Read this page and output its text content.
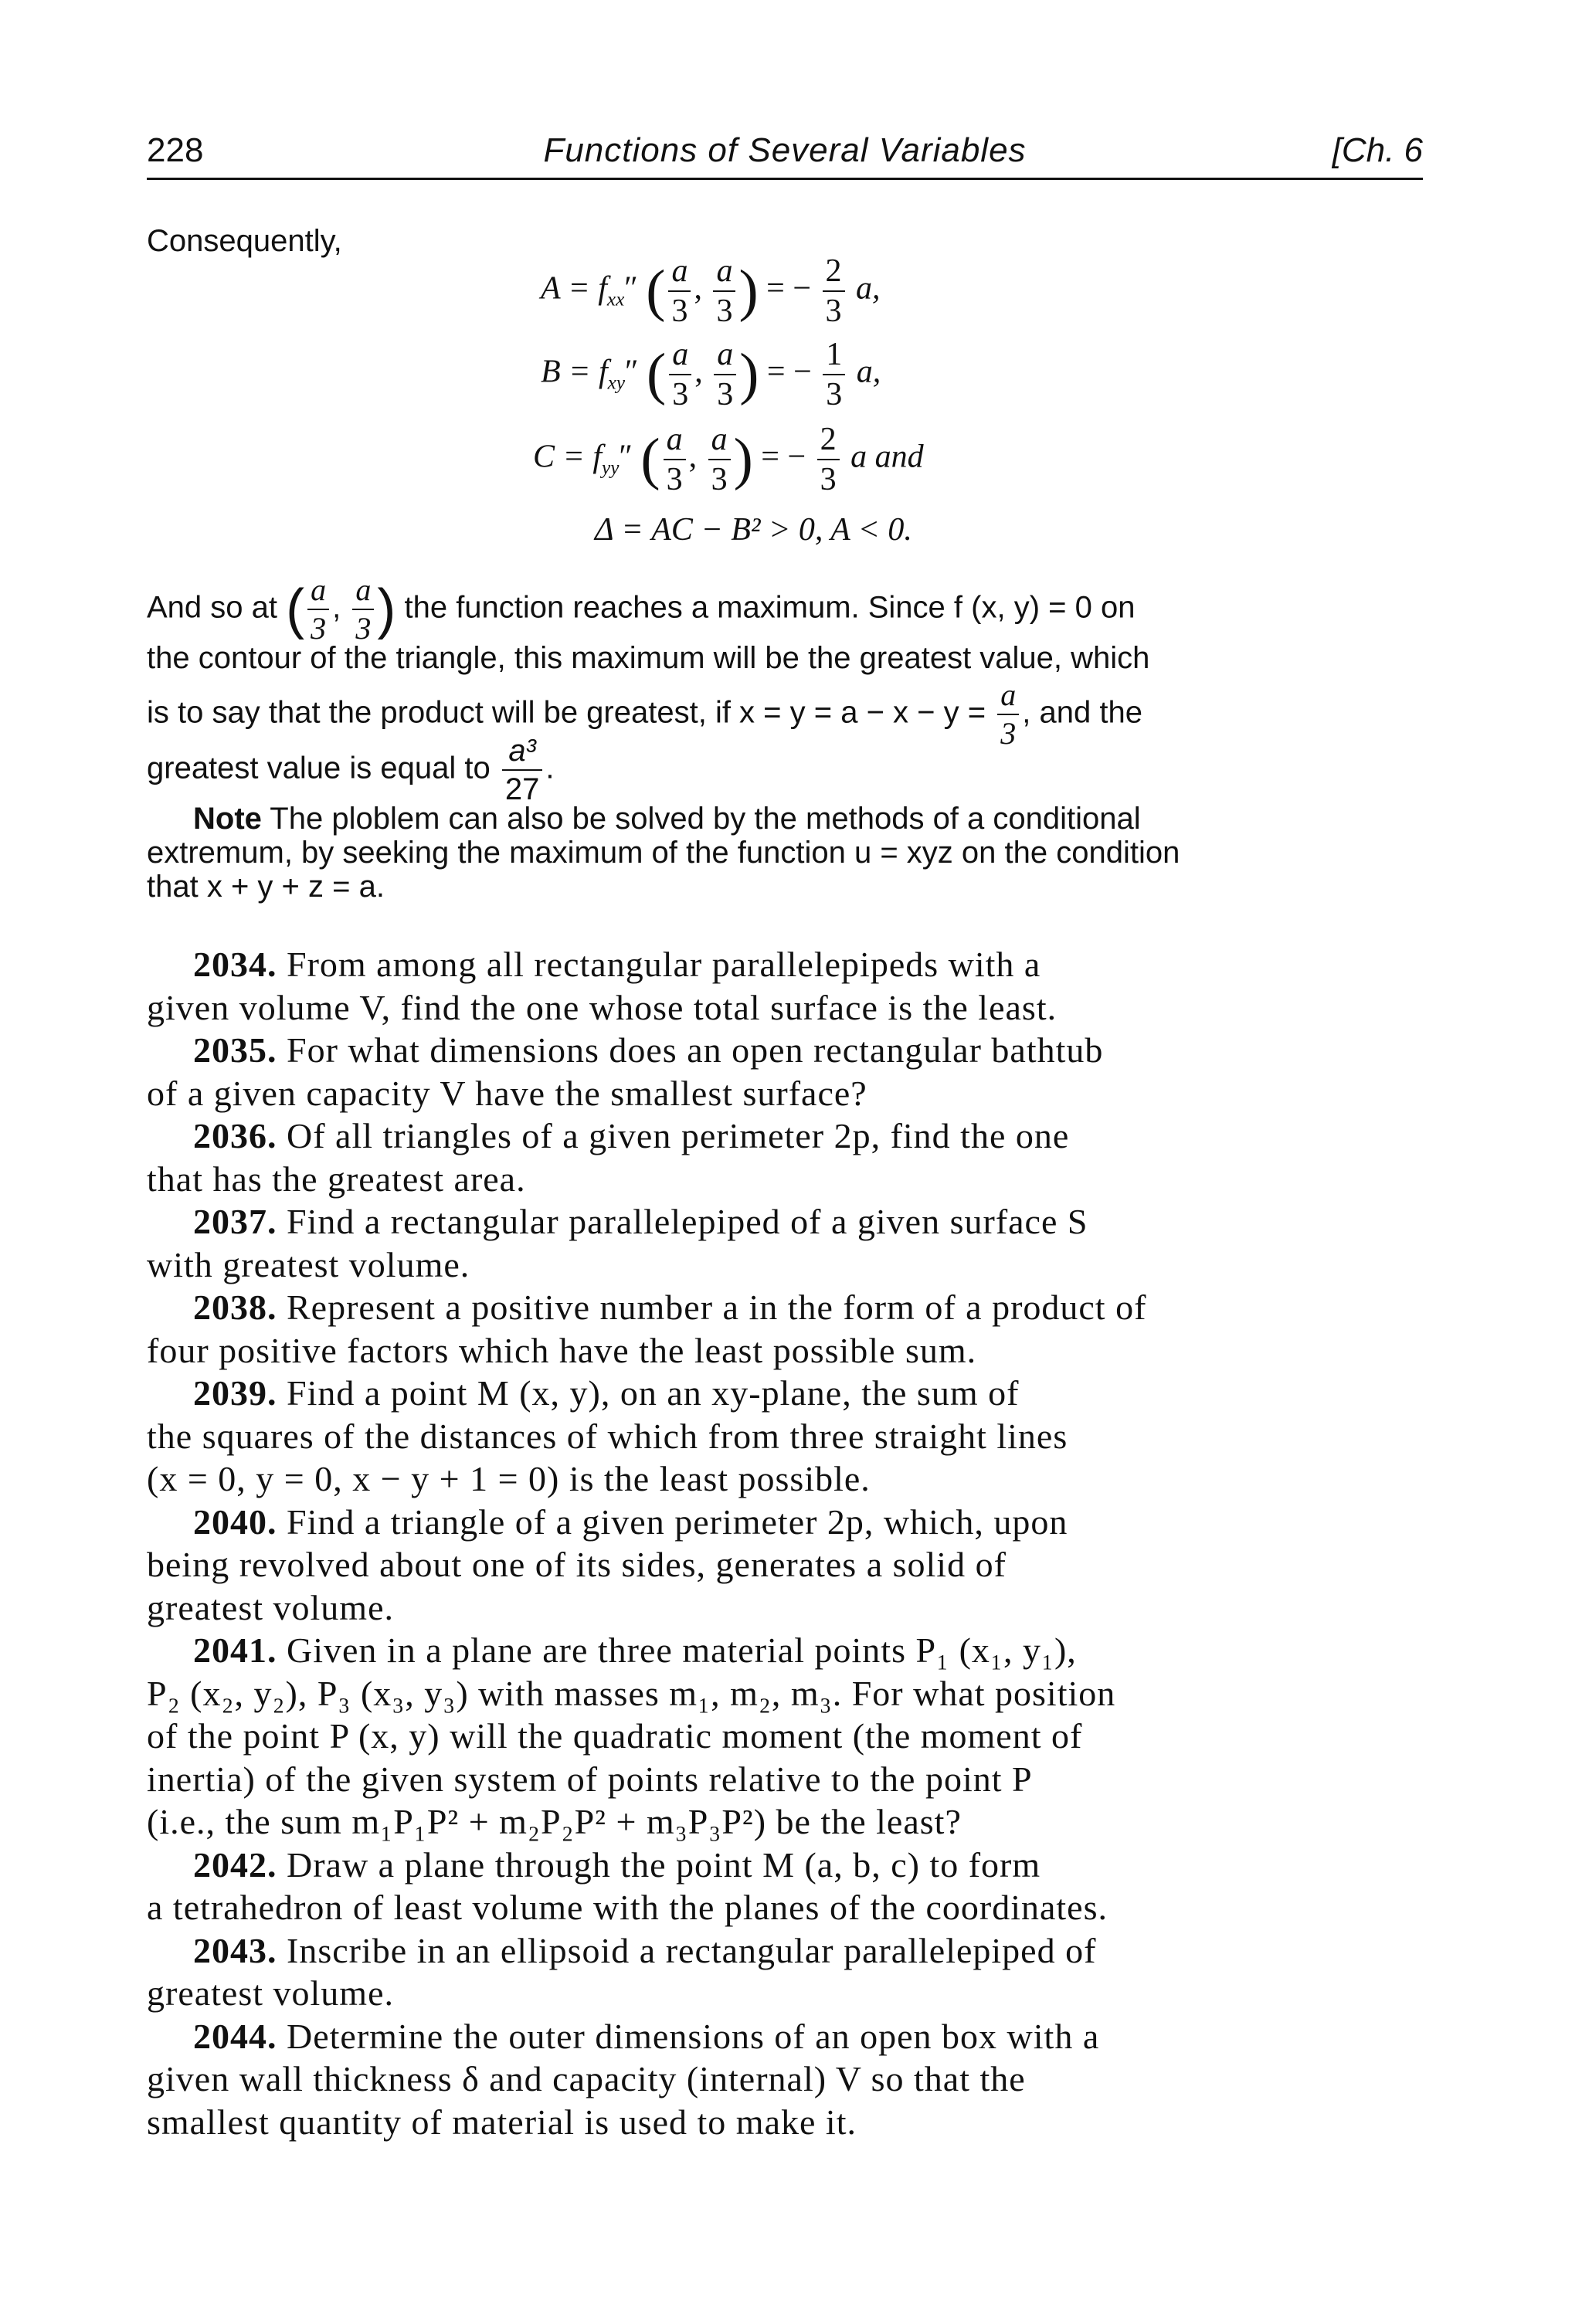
228	Functions of Several Variables	[Ch. 6
Consequently,
$A = f_{xx}''$ ( $\frac{a}{3}$ , $\frac{a}{3}$ ) = − $\frac{2}{3} a$,
$B = f_{xy}''$ ( $\frac{a}{3}$ , $\frac{a}{3}$ ) = − $\frac{1}{3} a$,
$C = f_{yy}''$ ( $\frac{a}{3}$ , $\frac{a}{3}$ ) = − $\frac{2}{3}$ a and
Δ = AC − B² > 0, A < 0.
And so at ( $\frac{a}{3}$ , $\frac{a}{3}$ ) the function reaches a maximum. Since f (x, y) = 0 on
the contour of the triangle, this maximum will be the greatest value, which
is to say that the product will be greatest, if $x = y = a - x - y = \frac{a}{3}$ , and the
greatest value is equal to $\frac{\text{a³}}{27}$ .
Note The ploblem can also be solved by the methods of a conditional
extremum, by seeking the maximum of the function u = xyz on the condition
that x + y + z = a.
2034. From among all rectangular parallelepipeds with a
given volume V, find the one whose total surface is the least.
2035. For what dimensions does an open rectangular bathtub
of a given capacity V have the smallest surface?
2036. Of all triangles of a given perimeter 2p, find the one
that has the greatest area.
2037. Find a rectangular parallelepiped of a given surface S
with greatest volume.
2038. Represent a positive number a in the form of a product of
four positive factors which have the least possible sum.
2039. Find a point M (x, y), on an xy-plane, the sum of
the squares of the distances of which from three straight lines
(x = 0, y = 0, x − y + 1 = 0) is the least possible.
2040. Find a triangle of a given perimeter 2p, which, upon
being revolved about one of its sides, generates a solid of
greatest volume.
2041. Given in a plane are three material points P₁ (x₁, y₁),
P₂ (x₂, y₂), P₃ (x₃, y₃) with masses m₁, m₂, m₃. For what position
of the point P (x, y) will the quadratic moment (the moment of
inertia) of the given system of points relative to the point P
(i.e., the sum m₁P₁P² + m₂P₂P² + m₃P₃P²) be the least?
2042. Draw a plane through the point M (a, b, c) to form
a tetrahedron of least volume with the planes of the coordinates.
2043. Inscribe in an ellipsoid a rectangular parallelepiped of
greatest volume.
2044. Determine the outer dimensions of an open box with a
given wall thickness δ and capacity (internal) V so that the
smallest quantity of material is used to make it.
